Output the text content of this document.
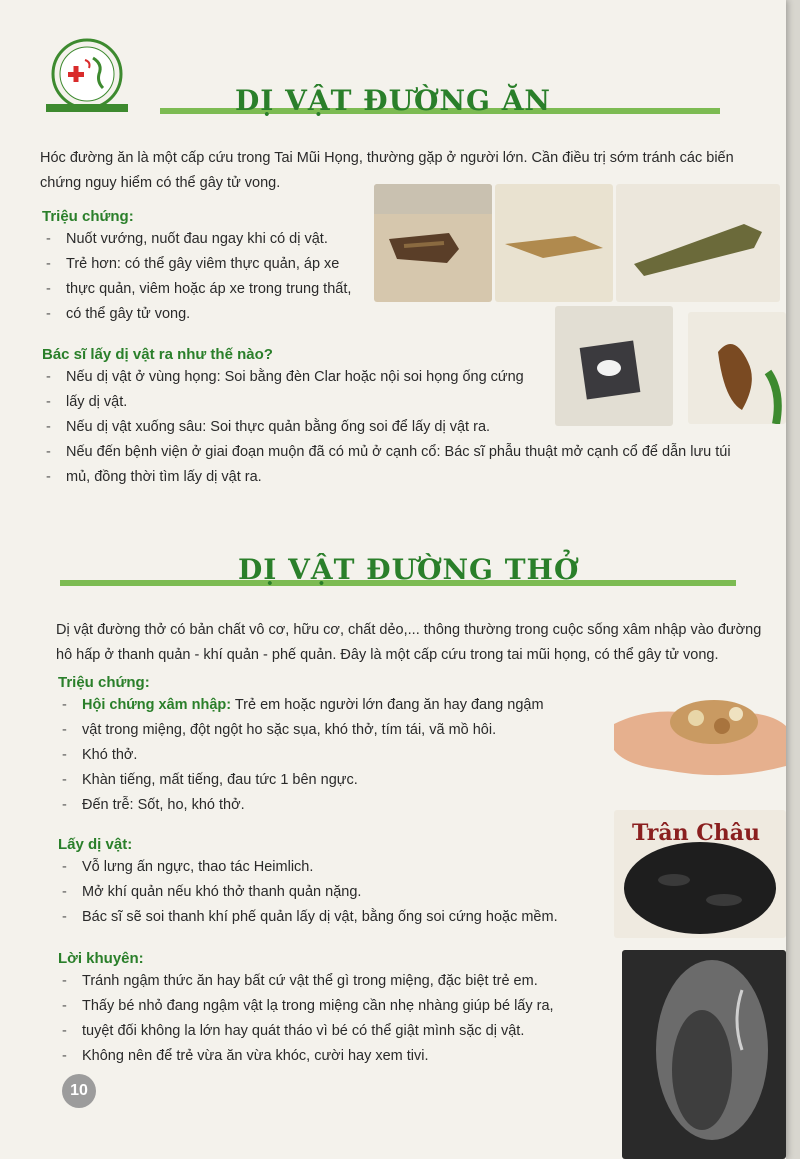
DỊ VẬT ĐƯỜNG ĂN

Hóc đường ăn là một cấp cứu trong Tai Mũi Họng, thường gặp ở người lớn. Cần điều trị sớm tránh các biến

chứng nguy hiểm có thể gây tử vong.

Triệu chứng:
- Nuốt vướng, nuốt đau ngay khi có dị vật.
- Trẻ hơn: có thể gây viêm thực quản, áp xe
- thực quản, viêm hoặc áp xe trong trung thất,
- có thể gây tử vong.
Bác sĩ lấy dị vật ra như thế nào?
- Nếu dị vật ở vùng họng: Soi bằng đèn Clar hoặc nội soi họng ống cứng
- lấy dị vật.
- Nếu dị vật xuống sâu: Soi thực quản bằng ống soi để lấy dị vật ra.
- Nếu đến bệnh viện ở giai đoạn muộn đã có mủ ở cạnh cổ: Bác sĩ phẫu thuật mở cạnh cổ để dẫn lưu túi
- mủ, đồng thời tìm lấy dị vật ra.
DỊ VẬT ĐƯỜNG THỞ

Dị vật đường thở có bản chất vô cơ, hữu cơ, chất dẻo,... thông thường trong cuộc sống xâm nhập vào đường

hô hấp ở thanh quản - khí quản - phế quản. Đây là một cấp cứu trong tai mũi họng, có thể gây tử vong.

Triệu chứng:
- Hội chứng xâm nhập: Trẻ em hoặc người lớn đang ăn hay đang ngậm
- vật trong miệng, đột ngột ho sặc sụa, khó thở, tím tái, vã mồ hôi.
- Khó thở.
- Khàn tiếng, mất tiếng, đau tức 1 bên ngực.
- Đến trễ: Sốt, ho, khó thở.
Lấy dị vật:
- Vỗ lưng ấn ngực, thao tác Heimlich.
- Mở khí quản nếu khó thở thanh quản nặng.
- Bác sĩ sẽ soi thanh khí phế quản lấy dị vật, bằng ống soi cứng hoặc mềm.
Lời khuyên:
- Tránh ngậm thức ăn hay bất cứ vật thể gì trong miệng, đặc biệt trẻ em.
- Thấy bé nhỏ đang ngậm vật lạ trong miệng cần nhẹ nhàng giúp bé lấy ra,
- tuyệt đối không la lớn hay quát tháo vì bé có thể giật mình sặc dị vật.
- Không nên để trẻ vừa ăn vừa khóc, cười hay xem tivi.
Trân Châu
10
